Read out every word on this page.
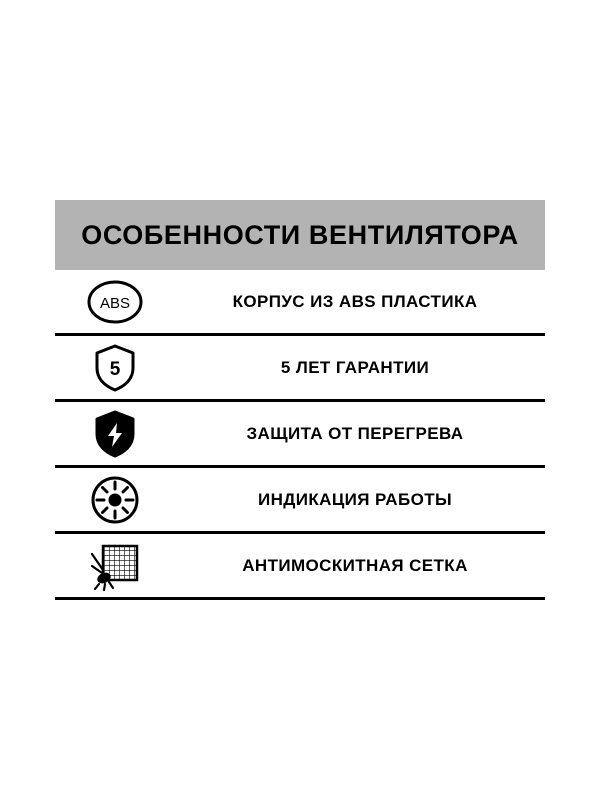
ОСОБЕННОСТИ ВЕНТИЛЯТОРА
ABS	КОРПУС ИЗ ABS ПЛАСТИКА
5	5 ЛЕТ ГАРАНТИИ
ЗАЩИТА ОТ ПЕРЕГРЕВА
ИНДИКАЦИЯ РАБОТЫ
АНТИМОСКИТНАЯ СЕТКА
